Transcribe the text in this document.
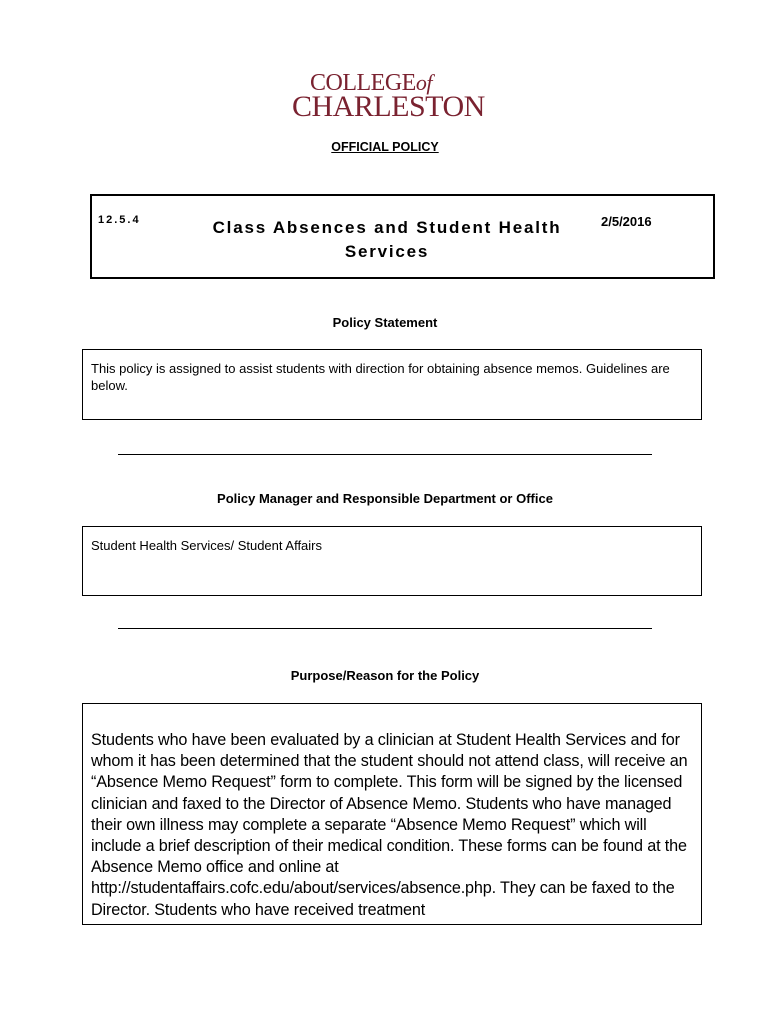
COLLEGEof
CHARLESTON
OFFICIAL POLICY
12.5.4	Class Absences and Student Health Services
2/5/2016
Policy Statement
This policy is assigned to assist students with direction for obtaining absence memos. Guidelines are below.
Policy Manager and Responsible Department or Office
Student Health Services/ Student Affairs
Purpose/Reason for the Policy
Students who have been evaluated by a clinician at Student Health Services and for whom it has been determined that the student should not attend class, will receive an “Absence Memo Request” form to complete. This form will be signed by the licensed clinician and faxed to the Director of Absence Memo. Students who have managed their own illness may complete a separate “Absence Memo Request” which will include a brief description of their medical condition. These forms can be found at the Absence Memo office and online at http://studentaffairs.cofc.edu/about/services/absence.php. They can be faxed to the Director. Students who have received treatment
